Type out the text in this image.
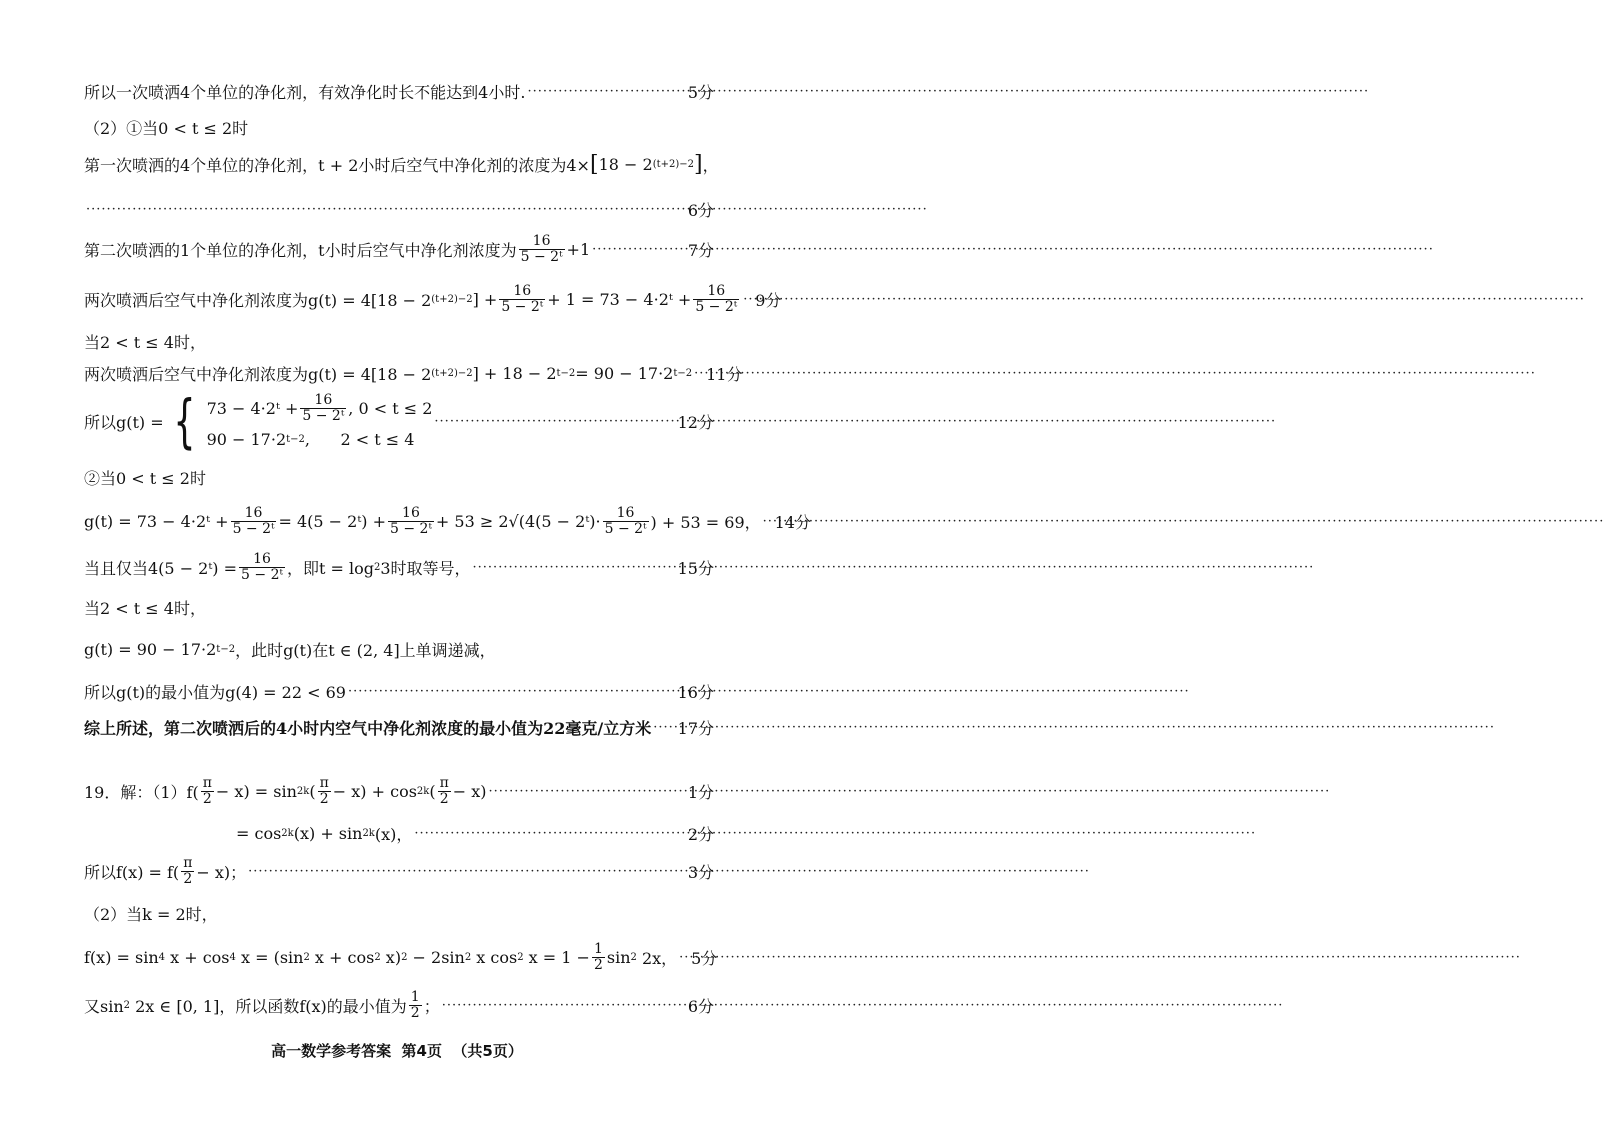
所以一次喷洒4个单位的净化剂，有效净化时长不能达到4小时. ·····	5分
（2）①当0 < t ≤ 2时
第一次喷洒的4个单位的净化剂，t + 2小时后空气中净化剂的浓度为4× [ 18 − 2 (t+2)−2 ] ，
·····
6分
第二次喷洒的1个单位的净化剂，t小时后空气中净化剂浓度为 $\frac{16}{\text{5 − 2ᵗ}} +1$ ·····	7分
两次喷洒后空气中净化剂浓度为g(t) = 4[18 − 2 (t+2)−2 ] + $\frac{16}{\text{5 − 2ᵗ}} + 1 = 73$ − 4·2ᵗ + $\frac{16}{\text{5 − 2ᵗ}}$ ····· 9分
当2 < t ≤ 4时，
两次喷洒后空气中净化剂浓度为g(t) = 4[18 − 2 (t+2)−2 ] + 18 − 2 t−2 = 90 − 17·2 t−2 ····· 11分
所以g(t) = { 73 − 4·2ᵗ + $\frac{16}{\text{5 − 2ᵗ}}$ , 0 < t ≤ 2
90 − 17·2 t−2 ,      2 < t ≤ 4
·····
12分
②当0 < t ≤ 2时
g(t) = 73 − 4·2ᵗ + $\frac{16}{\text{5 − 2ᵗ}} = 4(5$ − 2ᵗ) + $\frac{16}{\text{5 − 2ᵗ}} + 53 \ge 2√(4(5$ − 2ᵗ)· $\frac{16}{\text{5 − 2ᵗ}}$ ) + 53 = 69， ····· 14分
当且仅当4(5 − 2ᵗ) = $\frac{16}{\text{5 − 2ᵗ}}$ ，即t = log 2 3时取等号， ·····	15分
当2 < t ≤ 4时，
g(t) = 90 − 17·2 t−2 ，此时g(t)在t ∈ (2, 4]上单调递减，
所以g(t)的最小值为g(4) = 22 < 69 ·····	16分
综上所述，第二次喷洒后的4小时内空气中净化剂浓度的最小值为22毫克/立方米 ····· 17分
19．解：$(1)f( \frac{\pi}{2} - x) = \sin 2k$ ( $\frac{\pi}{2} - x) + \cos 2k$ ( $\frac{\pi}{2} - x$) ·····	1分
= cos 2k (x) + sin 2k (x)， ·····	2分
所以$f(x) = f( \frac{\pi}{2} - x)$； ·····	3分
（2）当k = 2时，
f(x) = sin 4 x + cos 4 x = (sin 2 x + cos 2 x) 2 − 2sin 2 x cos 2 $x = 1 - \frac{1}{2}$ sin 2 2x， ····· 5分
又sin 2 2x ∈ [0, 1]，所以函数f(x)的最小值为 $\frac{1}{2}$ ； ·····	6分
高一数学参考答案  第4页  （共5页）
